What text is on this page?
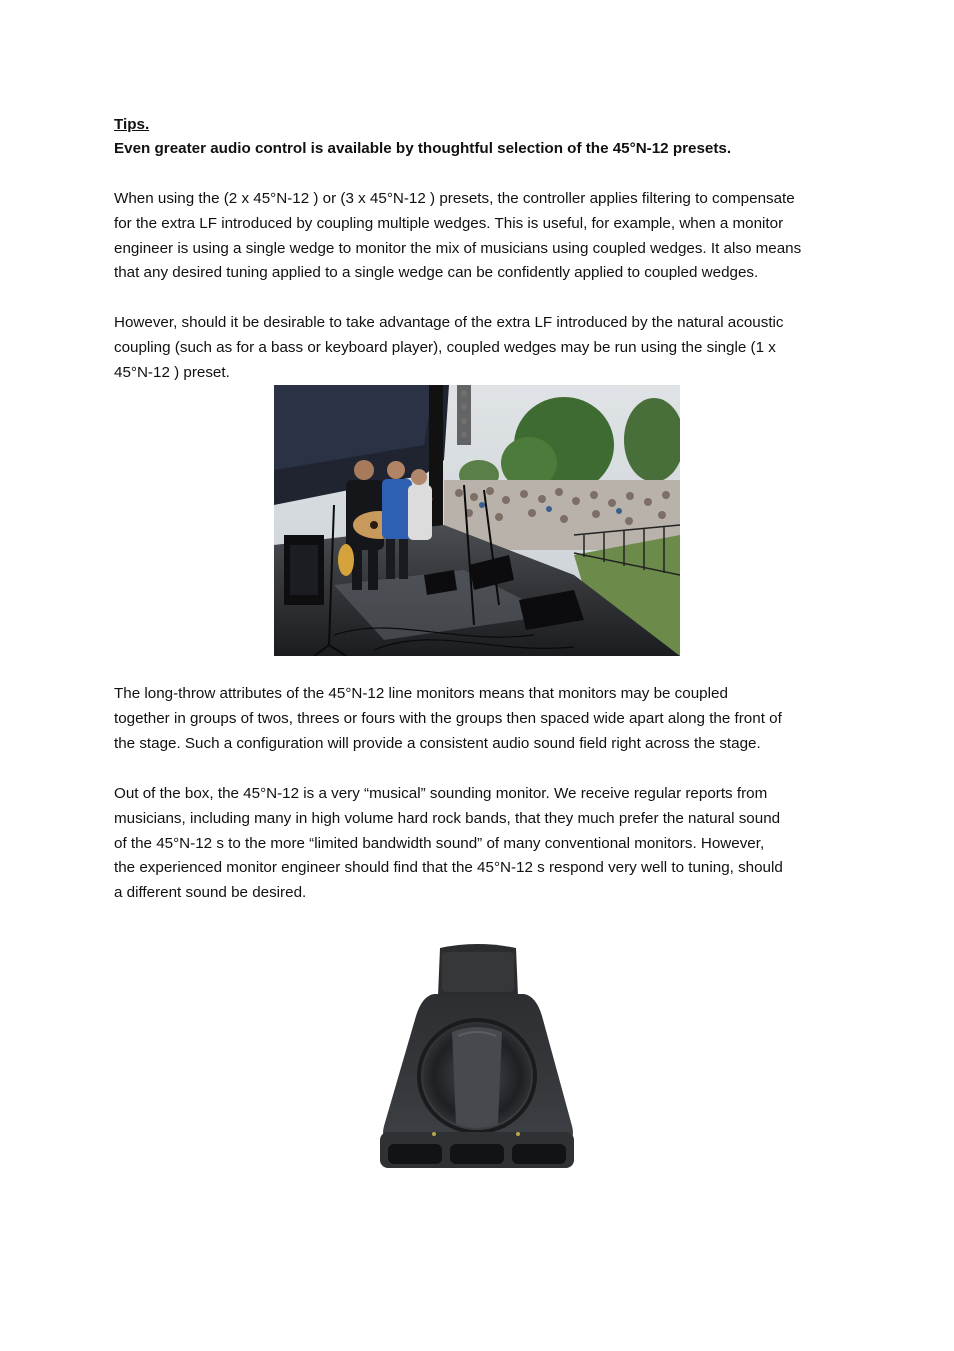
Tips.
Even greater audio control is available by thoughtful selection of the 45°N-12 presets.
When using the (2 x 45°N-12 ) or (3 x 45°N-12 ) presets, the controller applies filtering to compensate
for the extra LF introduced by coupling multiple wedges. This is useful, for example, when a monitor
engineer is using a single wedge to monitor the mix of musicians using coupled wedges. It also means
that any desired tuning applied to a single wedge can be confidently applied to coupled wedges.
However, should it be desirable to take advantage of the extra LF introduced by the natural acoustic
coupling (such as for a bass or keyboard player), coupled wedges may be run using the single (1 x
45°N-12 ) preset.
The long-throw attributes of the 45°N-12 line monitors means that monitors may be coupled
together in groups of twos, threes or fours with the groups then spaced wide apart along the front of
the stage. Such a configuration will provide a consistent audio sound field right across the stage.
Out of the box, the 45°N-12 is a very “musical” sounding monitor. We receive regular reports from
musicians, including many in high volume hard rock bands, that they much prefer the natural sound
of the 45°N-12 s to the more “limited bandwidth sound” of many conventional monitors. However,
the experienced monitor engineer should find that the 45°N-12 s respond very well to tuning, should
a different sound be desired.
